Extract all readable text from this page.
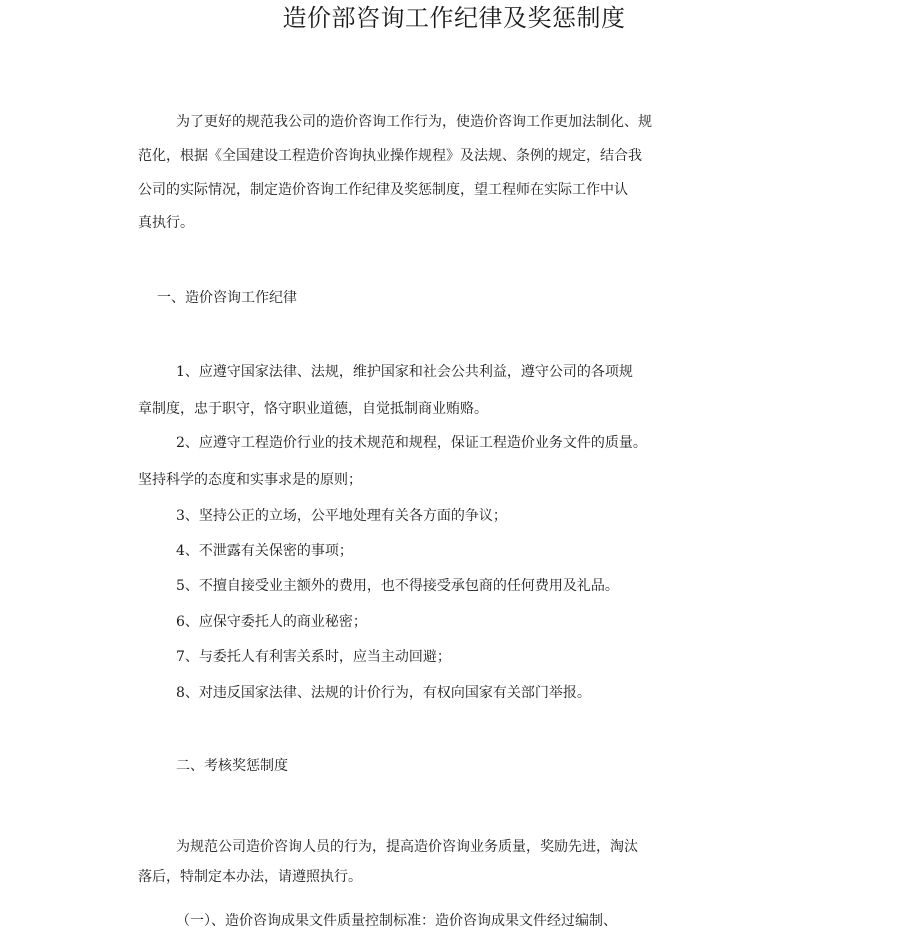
造价部咨询工作纪律及奖惩制度
为了更好的规范我公司的造价咨询工作行为，使造价咨询工作更加法制化、规
范化，根据《全国建设工程造价咨询执业操作规程》及法规、条例的规定，结合我
公司的实际情况，制定造价咨询工作纪律及奖惩制度，望工程师在实际工作中认
真执行。
一、造价咨询工作纪律
1、应遵守国家法律、法规，维护国家和社会公共利益，遵守公司的各项规
章制度，忠于职守，恪守职业道德，自觉抵制商业贿赂。
2、应遵守工程造价行业的技术规范和规程，保证工程造价业务文件的质量。
坚持科学的态度和实事求是的原则；
3、坚持公正的立场，公平地处理有关各方面的争议；
4、不泄露有关保密的事项；
5、不擅自接受业主额外的费用，也不得接受承包商的任何费用及礼品。
6、应保守委托人的商业秘密；
7、与委托人有利害关系时，应当主动回避；
8、对违反国家法律、法规的计价行为，有权向国家有关部门举报。
二、考核奖惩制度
为规范公司造价咨询人员的行为，提高造价咨询业务质量，奖励先进，淘汰
落后，特制定本办法，请遵照执行。
（一）、造价咨询成果文件质量控制标准：造价咨询成果文件经过编制、
